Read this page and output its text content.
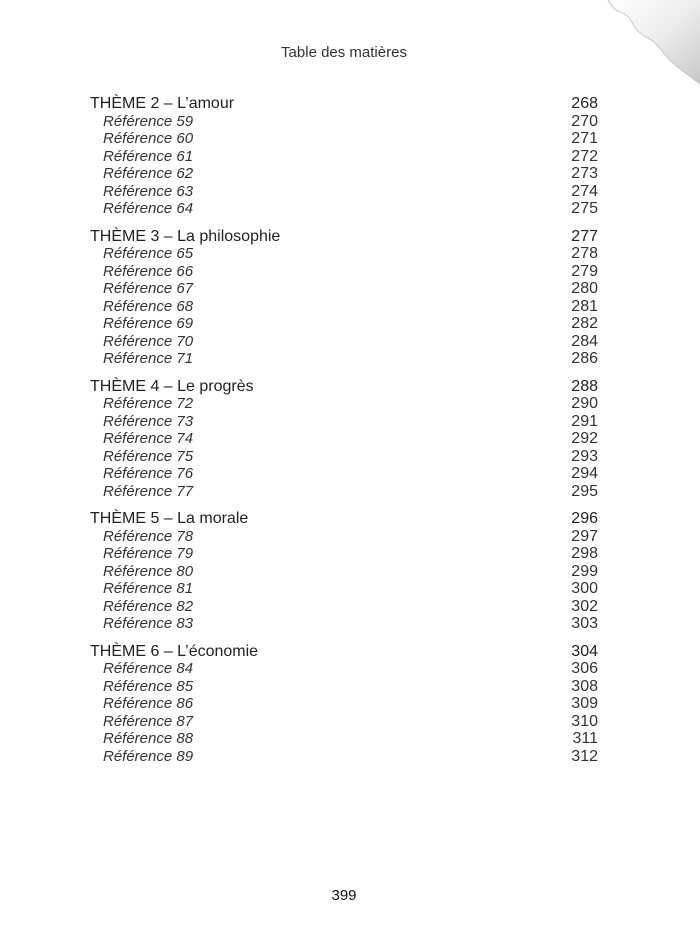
Table des matières
THÈME 2 – L’amour	268
Référence 59	270
Référence 60	271
Référence 61	272
Référence 62	273
Référence 63	274
Référence 64	275
THÈME 3 – La philosophie	277
Référence 65	278
Référence 66	279
Référence 67	280
Référence 68	281
Référence 69	282
Référence 70	284
Référence 71	286
THÈME 4 – Le progrès	288
Référence 72	290
Référence 73	291
Référence 74	292
Référence 75	293
Référence 76	294
Référence 77	295
THÈME 5 – La morale	296
Référence 78	297
Référence 79	298
Référence 80	299
Référence 81	300
Référence 82	302
Référence 83	303
THÈME 6 – L’économie	304
Référence 84	306
Référence 85	308
Référence 86	309
Référence 87	310
Référence 88	311
Référence 89	312
399
